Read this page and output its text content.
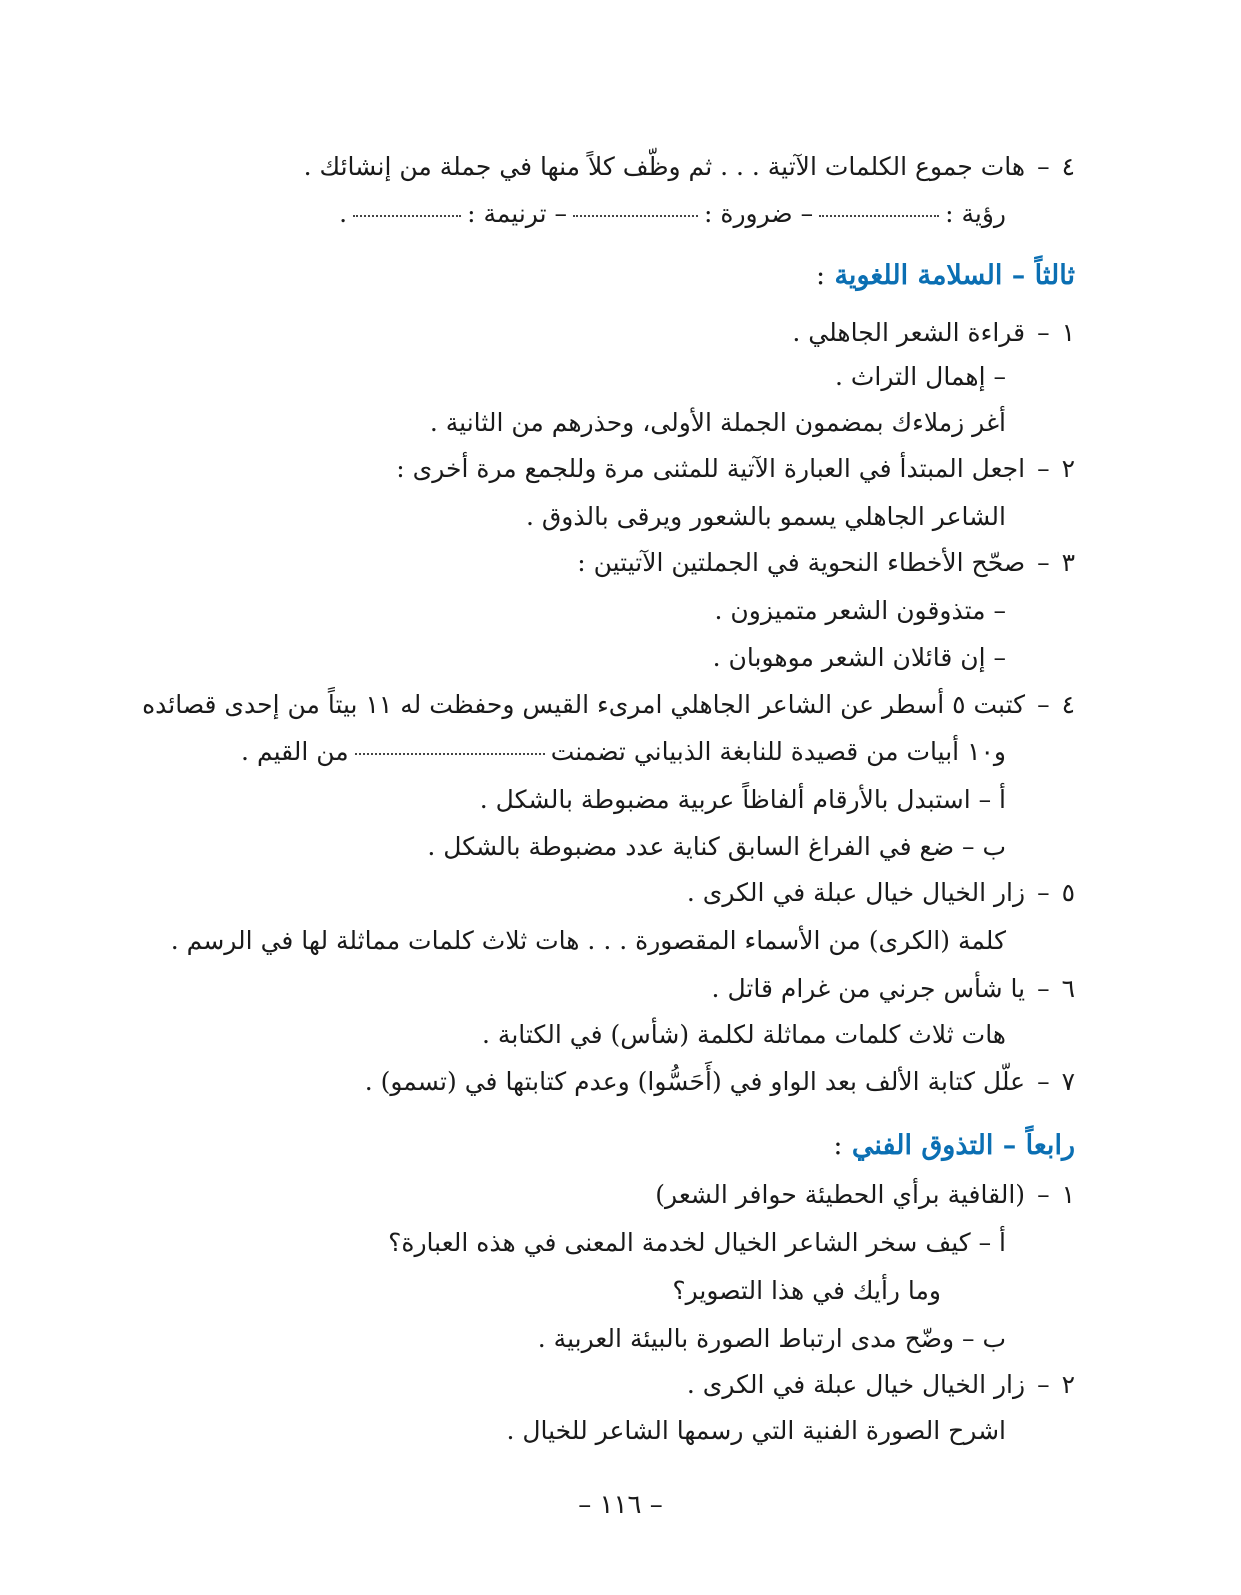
٤–هات جموع الكلمات الآتية . . . ثم وظّف كلاً منها في جملة من إنشائك .
رؤية :– ضرورة :– ترنيمة :.
ثالثاً – السلامة اللغوية :
١–قراءة الشعر الجاهلي .
– إهمال التراث .
أغر زملاءك بمضمون الجملة الأولى، وحذرهم من الثانية .
٢–اجعل المبتدأ في العبارة الآتية للمثنى مرة وللجمع مرة أخرى :
الشاعر الجاهلي يسمو بالشعور ويرقى بالذوق .
٣–صحّح الأخطاء النحوية في الجملتين الآتيتين :
– متذوقون الشعر متميزون .
– إن قائلان الشعر موهوبان .
٤–كتبت ٥ أسطر عن الشاعر الجاهلي امرىء القيس وحفظت له ١١ بيتاً من إحدى قصائده
و١٠ أبيات من قصيدة للنابغة الذبياني تضمنتمن القيم .
أ – استبدل بالأرقام ألفاظاً عربية مضبوطة بالشكل .
ب – ضع في الفراغ السابق كناية عدد مضبوطة بالشكل .
٥–زار الخيال خيال عبلة في الكرى .
كلمة (الكرى) من الأسماء المقصورة . . . هات ثلاث كلمات مماثلة لها في الرسم .
٦–يا شأس جرني من غرام قاتل .
هات ثلاث كلمات مماثلة لكلمة (شأس) في الكتابة .
٧–علّل كتابة الألف بعد الواو في (أَحَسُّوا) وعدم كتابتها في (تسمو) .
رابعاً – التذوق الفني :
١–(القافية برأي الحطيئة حوافر الشعر)
أ – كيف سخر الشاعر الخيال لخدمة المعنى في هذه العبارة؟
وما رأيك في هذا التصوير؟
ب – وضّح مدى ارتباط الصورة بالبيئة العربية .
٢–زار الخيال خيال عبلة في الكرى .
اشرح الصورة الفنية التي رسمها الشاعر للخيال .
– ١١٦ –
